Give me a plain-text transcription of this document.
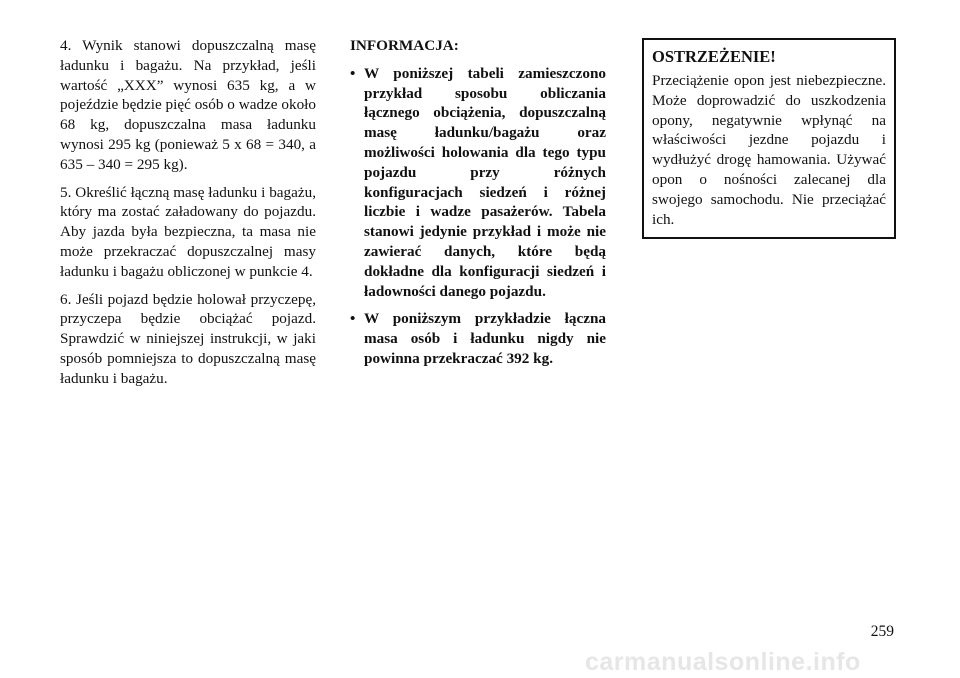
4. Wynik stanowi dopuszczalną masę ładunku i bagażu. Na przykład, jeśli wartość „XXX” wynosi 635 kg, a w pojeździe będzie pięć osób o wadze około 68 kg, dopuszczalna masa ładunku wynosi 295 kg (ponieważ 5 x 68 = 340, a 635 – 340 = 295 kg).

5. Określić łączną masę ładunku i bagażu, który ma zostać załadowany do pojazdu. Aby jazda była bezpieczna, ta masa nie może przekraczać dopuszczalnej masy ładunku i bagażu obliczonej w punkcie 4.

6. Jeśli pojazd będzie holował przyczepę, przyczepa będzie obciążać pojazd. Sprawdzić w niniejszej instrukcji, w jaki sposób pomniejsza to dopuszczalną masę ładunku i bagażu.

INFORMACJA:
• W poniższej tabeli zamieszczono przykład sposobu obliczania łącznego obciążenia, dopuszczalną masę ładunku/bagażu oraz możliwości holowania dla tego typu pojazdu przy różnych konfiguracjach siedzeń i różnej liczbie i wadze pasażerów. Tabela stanowi jedynie przykład i może nie zawierać danych, które będą dokładne dla konfiguracji siedzeń i ładowności danego pojazdu.
• W poniższym przykładzie łączna masa osób i ładunku nigdy nie powinna przekraczać 392 kg.
OSTRZEŻENIE!

Przeciążenie opon jest niebezpieczne. Może doprowadzić do uszkodzenia opony, negatywnie wpłynąć na właściwości jezdne pojazdu i wydłużyć drogę hamowania. Używać opon o nośności zalecanej dla swojego samochodu. Nie przeciążać ich.

259
carmanualsonline.info
